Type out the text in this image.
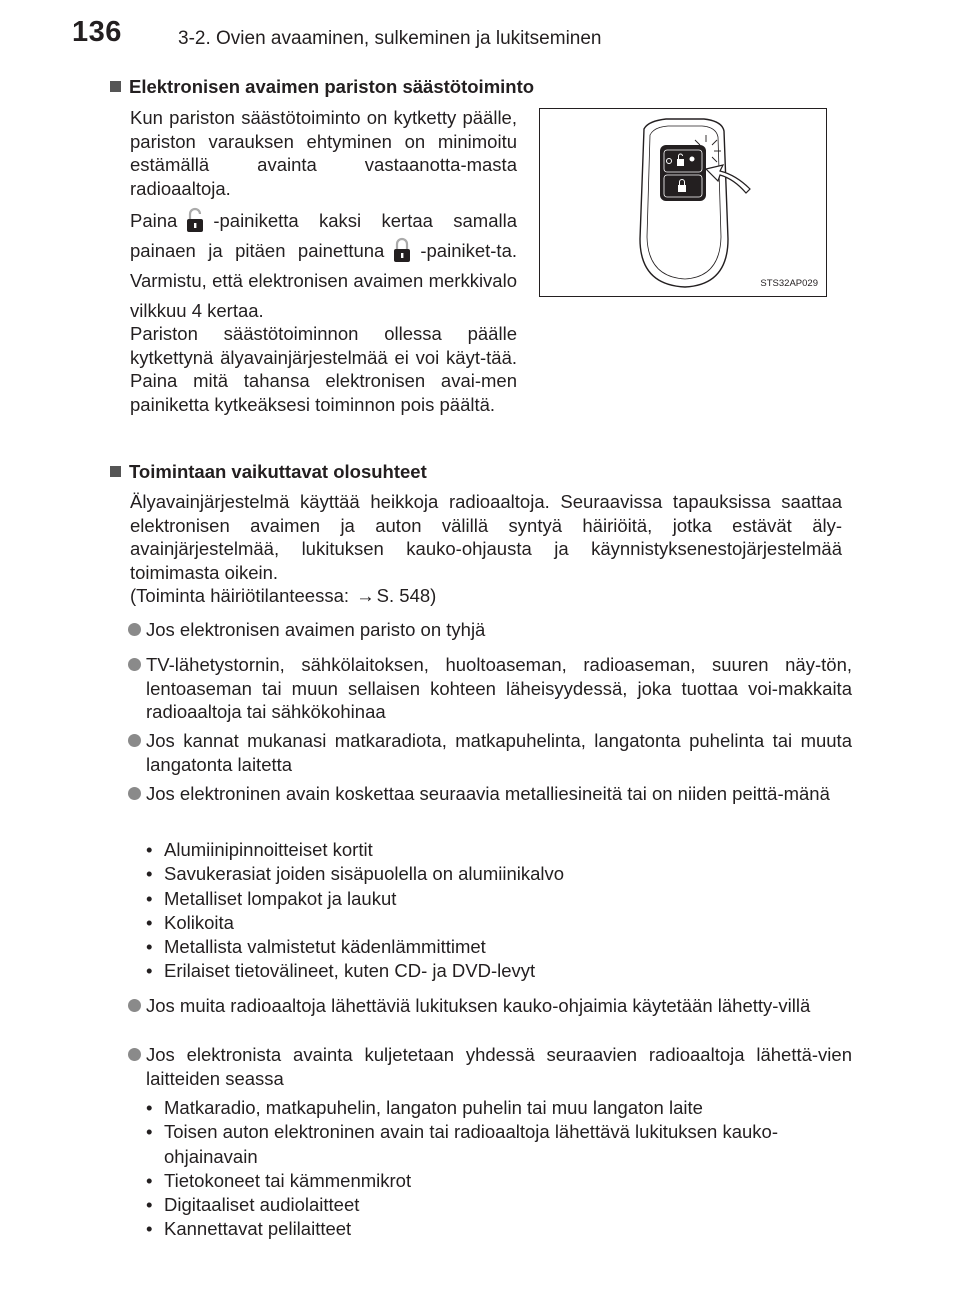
136	3-2. Ovien avaaminen, sulkeminen ja lukitseminen
Elektronisen avaimen pariston säästötoiminto

Kun pariston säästötoiminto on kytketty päälle, pariston varauksen ehtyminen on minimoitu estämällä avainta vastaanotta-masta radioaaltoja.

Paina -painiketta kaksi kertaa samalla painaen ja pitäen painettuna -painiket-ta. Varmistu, että elektronisen avaimen merkkivalo vilkkuu 4 kertaa.

Pariston säästötoiminnon ollessa päälle kytkettynä älyavainjärjestelmää ei voi käyt-tää. Paina mitä tahansa elektronisen avai-men painiketta kytkeäksesi toiminnon pois päältä.

STS32AP029
Toimintaan vaikuttavat olosuhteet

Älyavainjärjestelmä käyttää heikkoja radioaaltoja. Seuraavissa tapauksissa saattaa elektronisen avaimen ja auton välillä syntyä häiriöitä, jotka estävät äly-avainjärjestelmää, lukituksen kauko-ohjausta ja käynnistyksenestojärjestelmää toimimasta oikein.

(Toiminta häiriötilanteessa: → S. 548)

Jos elektronisen avaimen paristo on tyhjä
TV-lähetystornin, sähkölaitoksen, huoltoaseman, radioaseman, suuren näy-tön, lentoaseman tai muun sellaisen kohteen läheisyydessä, joka tuottaa voi-makkaita radioaaltoja tai sähkökohinaa
Jos kannat mukanasi matkaradiota, matkapuhelinta, langatonta puhelinta tai muuta langatonta laitetta
Jos elektroninen avain koskettaa seuraavia metalliesineitä tai on niiden peittä-mänä
• Alumiinipinnoitteiset kortit
• Savukerasiat joiden sisäpuolella on alumiinikalvo
• Metalliset lompakot ja laukut
• Kolikoita
• Metallista valmistetut kädenlämmittimet
• Erilaiset tietovälineet, kuten CD- ja DVD-levyt
Jos muita radioaaltoja lähettäviä lukituksen kauko-ohjaimia käytetään lähetty-villä
Jos elektronista avainta kuljetetaan yhdessä seuraavien radioaaltoja lähettä-vien laitteiden seassa
• Matkaradio, matkapuhelin, langaton puhelin tai muu langaton laite
• Toisen auton elektroninen avain tai radioaaltoja lähettävä lukituksen kauko-ohjainavain
• Tietokoneet tai kämmenmikrot
• Digitaaliset audiolaitteet
• Kannettavat pelilaitteet
